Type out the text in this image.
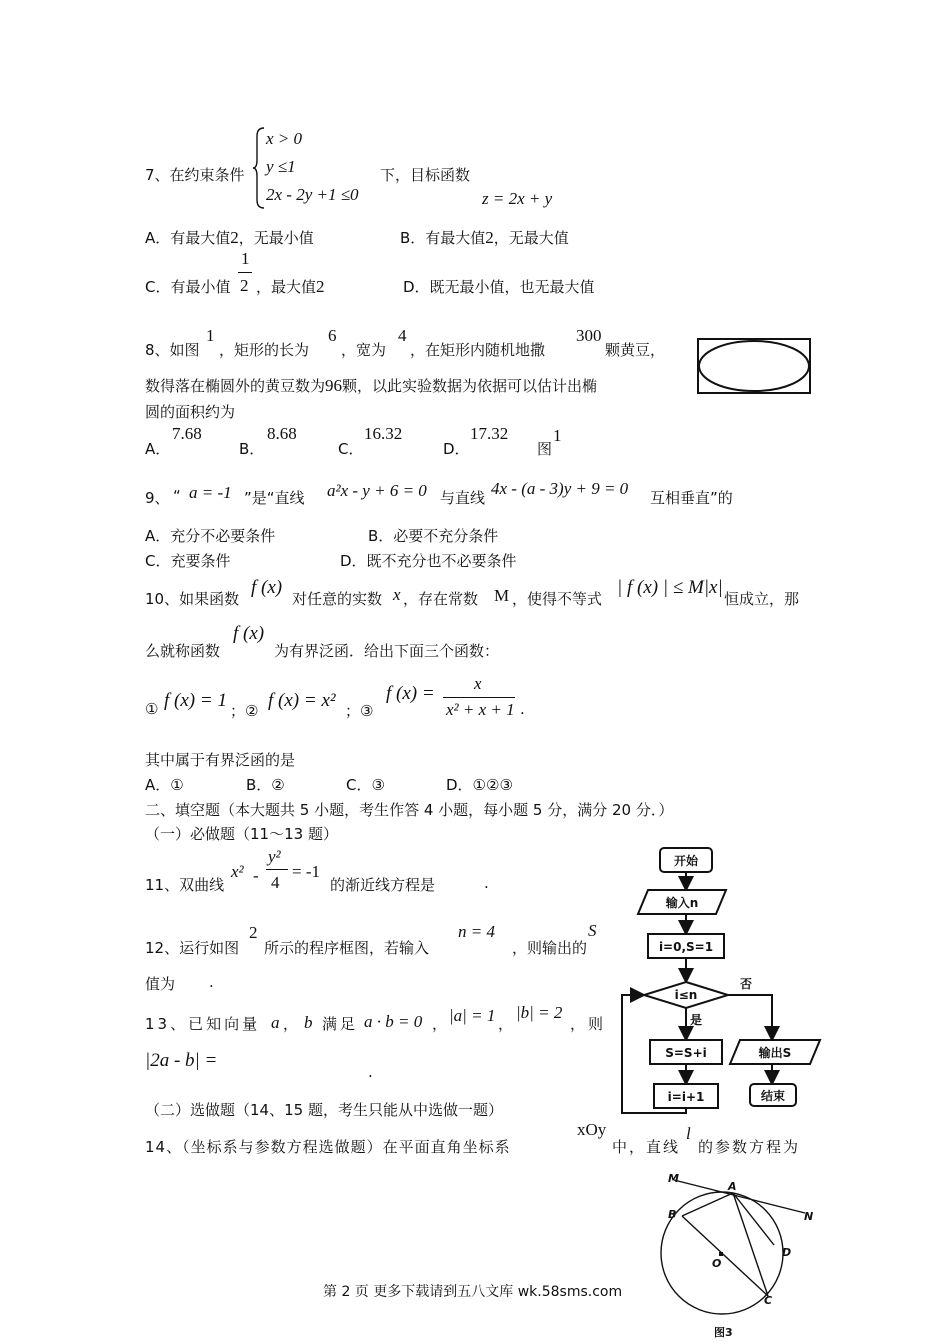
7、在约束条件
x > 0
y ≤1
2x - 2y +1 ≤0
下，目标函数
z = 2x + y
A．有最大值2，无最小值	B．有最大值2，无最大值
C．有最小值
1
2 ，最大值2	D．既无最小值，也无最大值
8、如图
1
，矩形的长为
6
，宽为
4
，在矩形内随机地撒
300
颗黄豆，
数得落在椭圆外的黄豆数为96颗，以此实验数据为依据可以估计出椭
圆的面积约为
A．
7.68
B．
8.68
C．
16.32
D．
17.32
图
1
9、 “ a = -1 ”是“直线 a²x - y + 6 = 0 与直线 4x - (a - 3)y + 9 = 0 互相垂直”的
A．充分不必要条件	B．必要不充分条件
C．充要条件	D．既不充分也不必要条件
10、如果函数
f (x)
对任意的实数 x ，存在常数 M ，使得不等式
| f (x) | ≤ M|x|
恒成立，那
么就称函数
f (x)
为有界泛函．给出下面三个函数：
① f (x) = 1 ；② f (x) = x² ；③
f (x) = x
x² + x + 1 .
其中属于有界泛函的是
A．①	B．②	C．③	D．①②③
二、填空题（本大题共 5 小题，考生作答 4 小题，每小题 5 分，满分 20 分．）
（一）必做题（11～13 题）
11、双曲线
x² -
y²
4
= -1
的渐近线方程是	.
12、运行如图
2
所示的程序框图，若输入
n = 4
，则输出的
S
值为 .
13、已知向量 a ， b 满足 a · b = 0 ， |a| = 1 ，
|b| = 2
，则
|2a - b| =
.
（二）选做题（14、15 题，考生只能从中选做一题）
14、（坐标系与参数方程选做题）在平面直角坐标系
xOy
中，直线
l
的参数方程为
开始
输入n
i=0,S=1
i≤n
否
是
S=S+i
i=i+1
输出S
结束
M
A
N
B
D
O
C
图3
第 2 页 更多下载请到五八文库 wk.58sms.com
